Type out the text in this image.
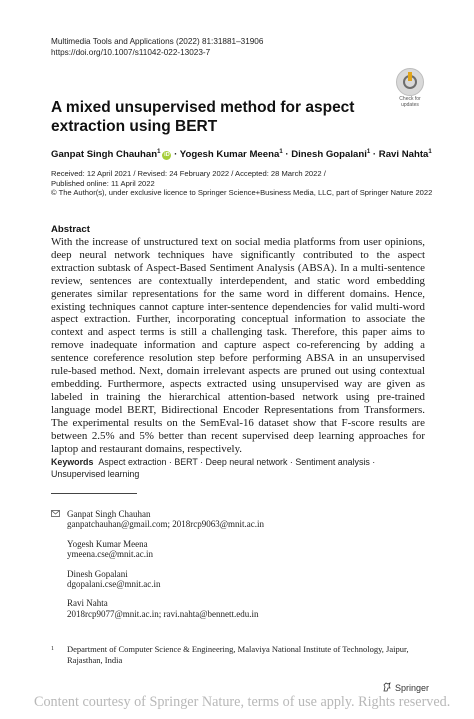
Multimedia Tools and Applications (2022) 81:31881–31906
https://doi.org/10.1007/s11042-022-13023-7
Check for
updates
A mixed unsupervised method for aspect extraction using BERT
Ganpat Singh Chauhan$^1$iD · Yogesh Kumar Meena$^1$ · Dinesh Gopalani$^1$ · Ravi Nahta$^1$
Received: 12 April 2021 / Revised: 24 February 2022 / Accepted: 28 March 2022 /
Published online: 11 April 2022
© The Author(s), under exclusive licence to Springer Science+Business Media, LLC, part of Springer Nature 2022
Abstract
With the increase of unstructured text on social media platforms from user opinions, deep neural network techniques have significantly contributed to the aspect extraction subtask of Aspect-Based Sentiment Analysis (ABSA). In a multi-sentence review, sentences are contextually interdependent, and static word embedding generates similar representations for the same word in different domains. Hence, existing techniques cannot capture inter-sentence dependencies for valid multi-word aspect extraction. Further, incorporating conceptual information to associate the context and aspect terms is still a challenging task. Therefore, this paper aims to remove inadequate information and capture aspect co-referencing by adding a sentence coreference resolution step before performing ABSA in an unsupervised rule-based method. Next, domain irrelevant aspects are pruned out using contextual embedding. Furthermore, aspects extracted using unsupervised way are given as labeled in training the hierarchical attention-based network using pre-trained language model BERT, Bidirectional Encoder Representations from Transformers. The experimental results on the SemEval-16 dataset show that F-score results are between 2.5% and 5% better than recent supervised deep learning approaches for laptop and restaurant domains, respectively.
Keywords Aspect extraction · BERT · Deep neural network · Sentiment analysis · Unsupervised learning
Ganpat Singh Chauhan
ganpatchauhan@gmail.com; 2018rcp9063@mnit.ac.in
Yogesh Kumar Meena
ymeena.cse@mnit.ac.in
Dinesh Gopalani
dgopalani.cse@mnit.ac.in
Ravi Nahta
2018rcp9077@mnit.ac.in; ravi.nahta@bennett.edu.in
1 Department of Computer Science & Engineering, Malaviya National Institute of Technology, Jaipur, Rajasthan, India
Springer
Content courtesy of Springer Nature, terms of use apply. Rights reserved.
